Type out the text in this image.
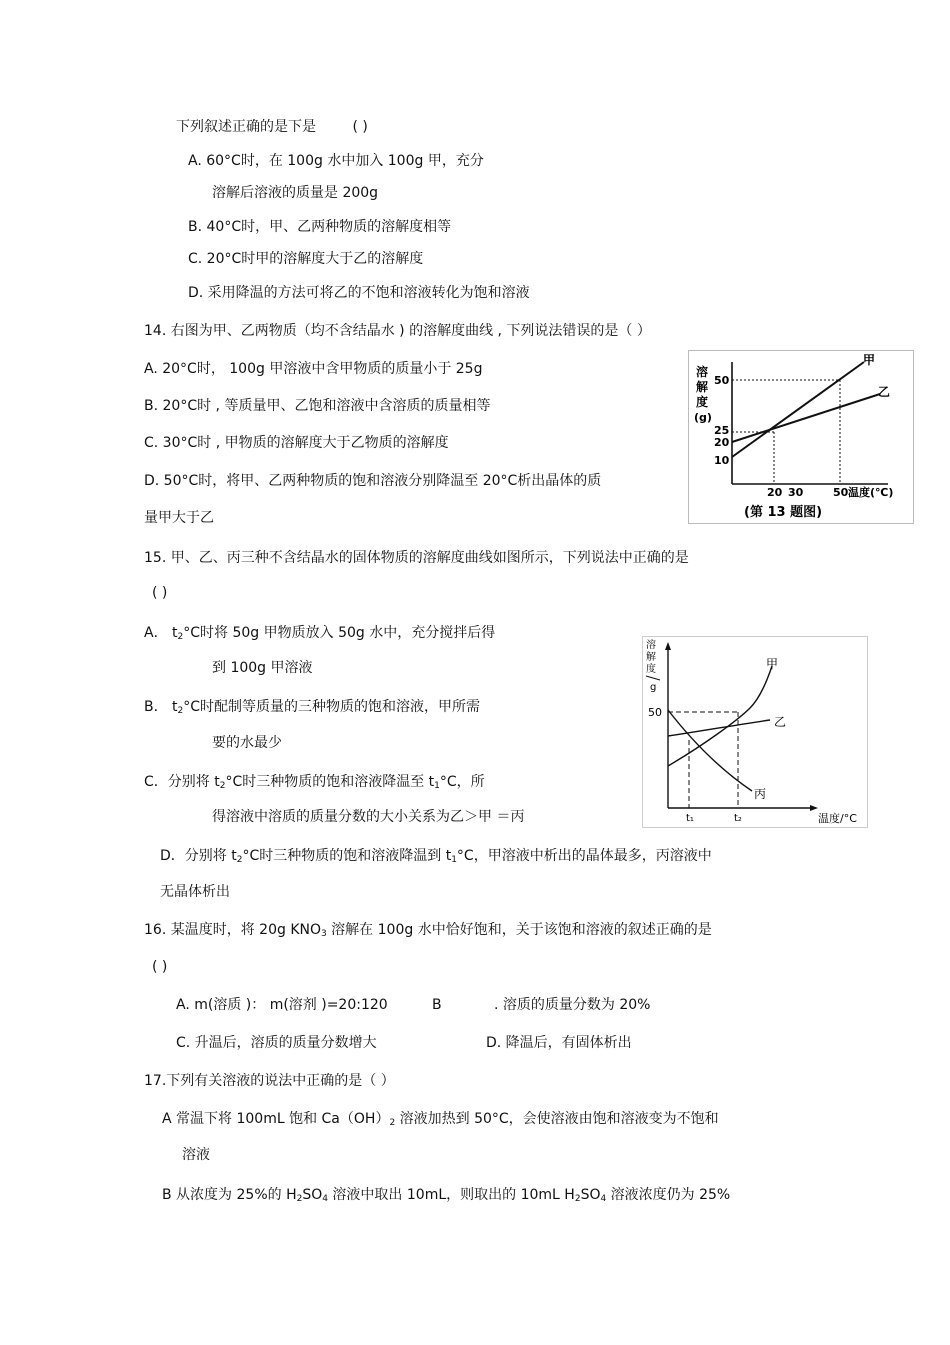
下列叙述正确的是下是	( )
A. 60°C时，在 100g 水中加入 100g 甲，充分
溶解后溶液的质量是 200g
B. 40°C时，甲、乙两种物质的溶解度相等
C. 20°C时甲的溶解度大于乙的溶解度
D. 采用降温的方法可将乙的不饱和溶液转化为饱和溶液
14. 右图为甲、乙两物质（均不含结晶水 ) 的溶解度曲线 , 下列说法错误的是（ ）
A. 20°C时， 100g 甲溶液中含甲物质的质量小于 25g
B. 20°C时 , 等质量甲、乙饱和溶液中含溶质的质量相等
C. 30°C时 , 甲物质的溶解度大于乙物质的溶解度
D. 50°C时，将甲、乙两种物质的饱和溶液分别降温至 20°C析出晶体的质
量甲大于乙
甲
乙
溶
解
度
(g)
50
25
20
10
20 30	50 温度(℃)
(第 13 题图)
15. 甲、乙、丙三种不含结晶水的固体物质的溶解度曲线如图所示，下列说法中正确的是
( )
A． $t_2^\circ C$时将 50g 甲物质放入 50g 水中，充分搅拌后得
到 100g 甲溶液
B． $t_2^\circ C$时配制等质量的三种物质的饱和溶液，甲所需
要的水最少
C．分别将 $t_2^\circ C$时三种物质的饱和溶液降温至 $t_1^\circ C$，所
得溶液中溶质的质量分数的大小关系为乙＞甲 ＝丙
D．分别将 $t_2^\circ C$时三种物质的饱和溶液降温到 $t_1^\circ C$，甲溶液中析出的晶体最多，丙溶液中
无晶体析出
甲
乙
丙
溶
解
度
g
50
t₁	t₂	温度/°C
16. 某温度时，将 20g $KNO_3$ 溶解在 100g 水中恰好饱和，关于该饱和溶液的叙述正确的是
( )
A. m(溶质 )： m(溶剂 )=20:120	B	. 溶质的质量分数为 20%
C. 升温后，溶质的质量分数增大	D. 降温后，有固体析出
17.下列有关溶液的说法中正确的是（ ）
A 常温下将 100mL 饱和 $Ca(OH)_2$ 溶液加热到 50°C，会使溶液由饱和溶液变为不饱和
溶液
B 从浓度为 25%的 $H_2SO_4$ 溶液中取出 10mL，则取出的 10mL $H_2SO_4$ 溶液浓度仍为 25%
